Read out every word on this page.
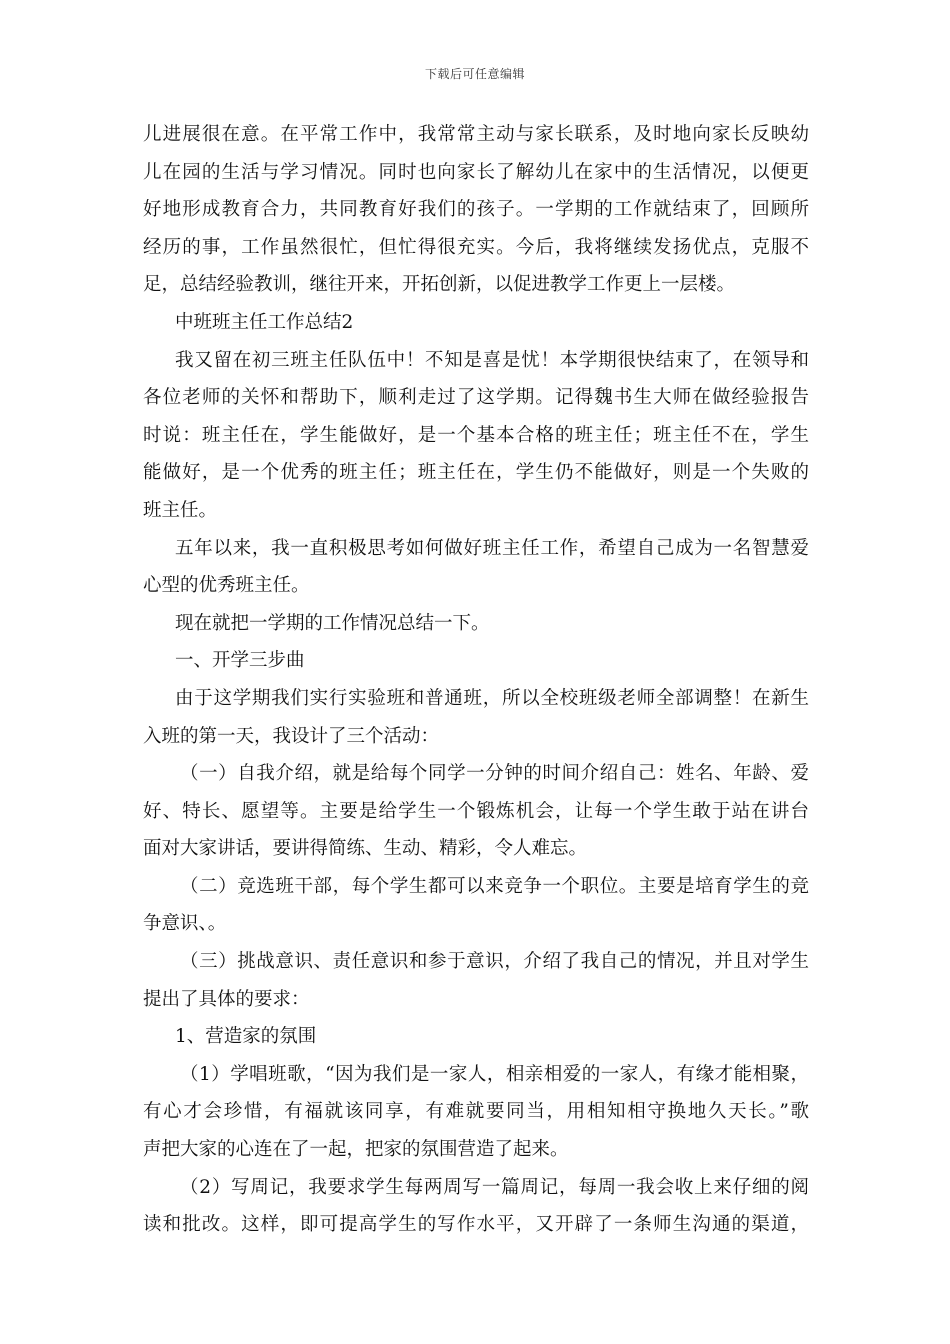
下载后可任意编辑
儿进展很在意。在平常工作中，我常常主动与家长联系，及时地向家长反映幼
儿在园的生活与学习情况。同时也向家长了解幼儿在家中的生活情况，以便更
好地形成教育合力，共同教育好我们的孩子。一学期的工作就结束了，回顾所
经历的事，工作虽然很忙，但忙得很充实。今后，我将继续发扬优点，克服不
足，总结经验教训，继往开来，开拓创新，以促进教学工作更上一层楼。
中班班主任工作总结2
我又留在初三班主任队伍中！不知是喜是忧！本学期很快结束了，在领导和
各位老师的关怀和帮助下，顺利走过了这学期。记得魏书生大师在做经验报告
时说：班主任在，学生能做好，是一个基本合格的班主任；班主任不在，学生
能做好，是一个优秀的班主任；班主任在，学生仍不能做好，则是一个失败的
班主任。
五年以来，我一直积极思考如何做好班主任工作，希望自己成为一名智慧爱
心型的优秀班主任。
现在就把一学期的工作情况总结一下。
一、开学三步曲
由于这学期我们实行实验班和普通班，所以全校班级老师全部调整！在新生
入班的第一天，我设计了三个活动：
（一）自我介绍，就是给每个同学一分钟的时间介绍自己：姓名、年龄、爱
好、特长、愿望等。主要是给学生一个锻炼机会，让每一个学生敢于站在讲台
面对大家讲话，要讲得简练、生动、精彩，令人难忘。
（二）竞选班干部，每个学生都可以来竞争一个职位。主要是培育学生的竞
争意识、。
（三）挑战意识、责任意识和参于意识，介绍了我自己的情况，并且对学生
提出了具体的要求：
1、营造家的氛围
（1）学唱班歌，“因为我们是一家人，相亲相爱的一家人，有缘才能相聚，
有心才会珍惜，有福就该同享，有难就要同当，用相知相守换地久天长。”歌
声把大家的心连在了一起，把家的氛围营造了起来。
（2）写周记，我要求学生每两周写一篇周记，每周一我会收上来仔细的阅
读和批改。这样，即可提高学生的写作水平，又开辟了一条师生沟通的渠道，
